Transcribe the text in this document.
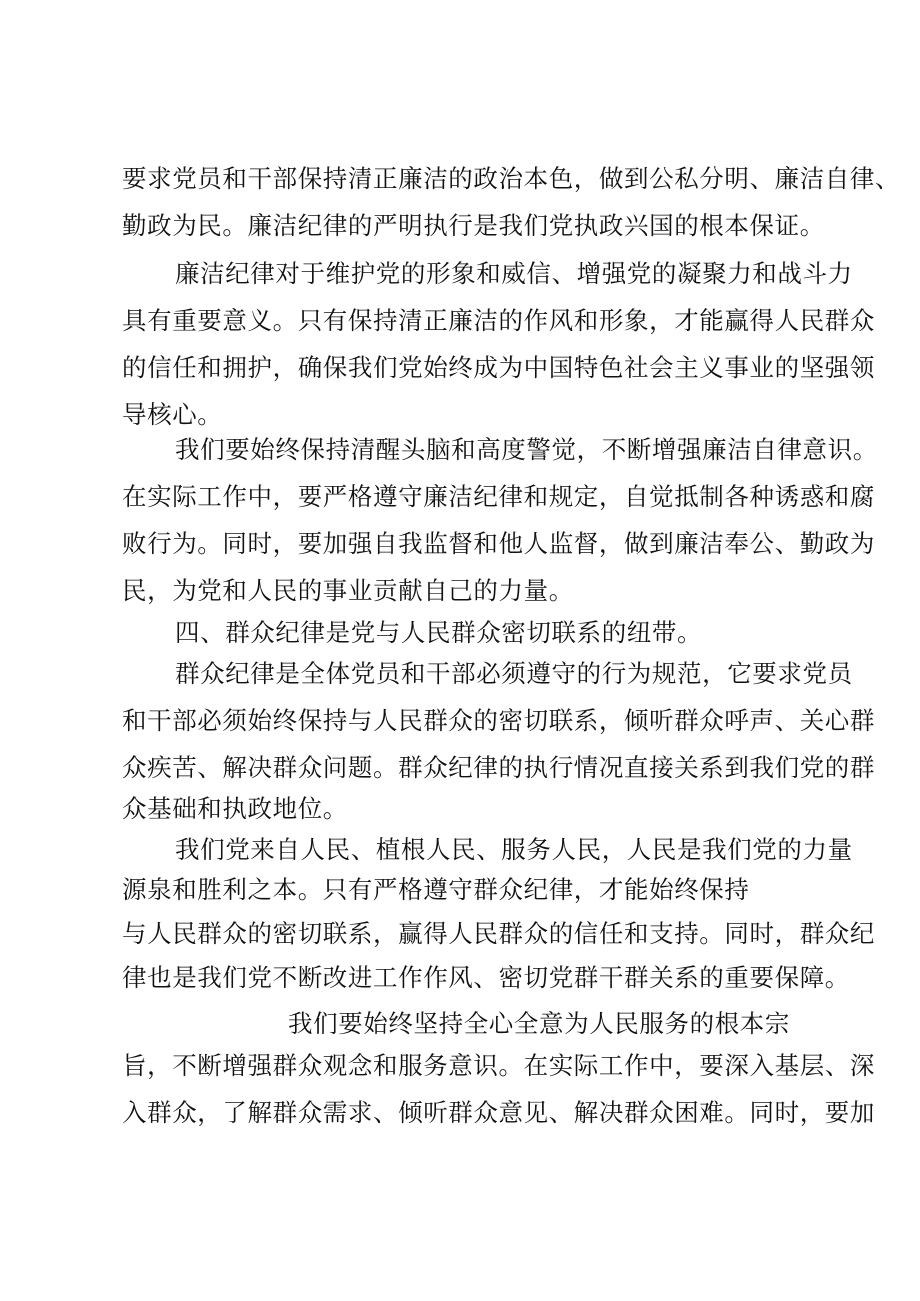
要求党员和干部保持清正廉洁的政治本色，做到公私分明、廉洁自律、
勤政为民。廉洁纪律的严明执行是我们党执政兴国的根本保证。
廉洁纪律对于维护党的形象和威信、增强党的凝聚力和战斗力
具有重要意义。只有保持清正廉洁的作风和形象，才能赢得人民群众
的信任和拥护，确保我们党始终成为中国特色社会主义事业的坚强领
导核心。
我们要始终保持清醒头脑和高度警觉，不断增强廉洁自律意识。
在实际工作中，要严格遵守廉洁纪律和规定，自觉抵制各种诱惑和腐
败行为。同时，要加强自我监督和他人监督，做到廉洁奉公、勤政为
民，为党和人民的事业贡献自己的力量。
四、群众纪律是党与人民群众密切联系的纽带。
群众纪律是全体党员和干部必须遵守的行为规范，它要求党员
和干部必须始终保持与人民群众的密切联系，倾听群众呼声、关心群
众疾苦、解决群众问题。群众纪律的执行情况直接关系到我们党的群
众基础和执政地位。
我们党来自人民、植根人民、服务人民，人民是我们党的力量
源泉和胜利之本。只有严格遵守群众纪律，才能始终保持
与人民群众的密切联系，赢得人民群众的信任和支持。同时，群众纪
律也是我们党不断改进工作作风、密切党群干群关系的重要保障。
我们要始终坚持全心全意为人民服务的根本宗
旨，不断增强群众观念和服务意识。在实际工作中，要深入基层、深
入群众，了解群众需求、倾听群众意见、解决群众困难。同时，要加
